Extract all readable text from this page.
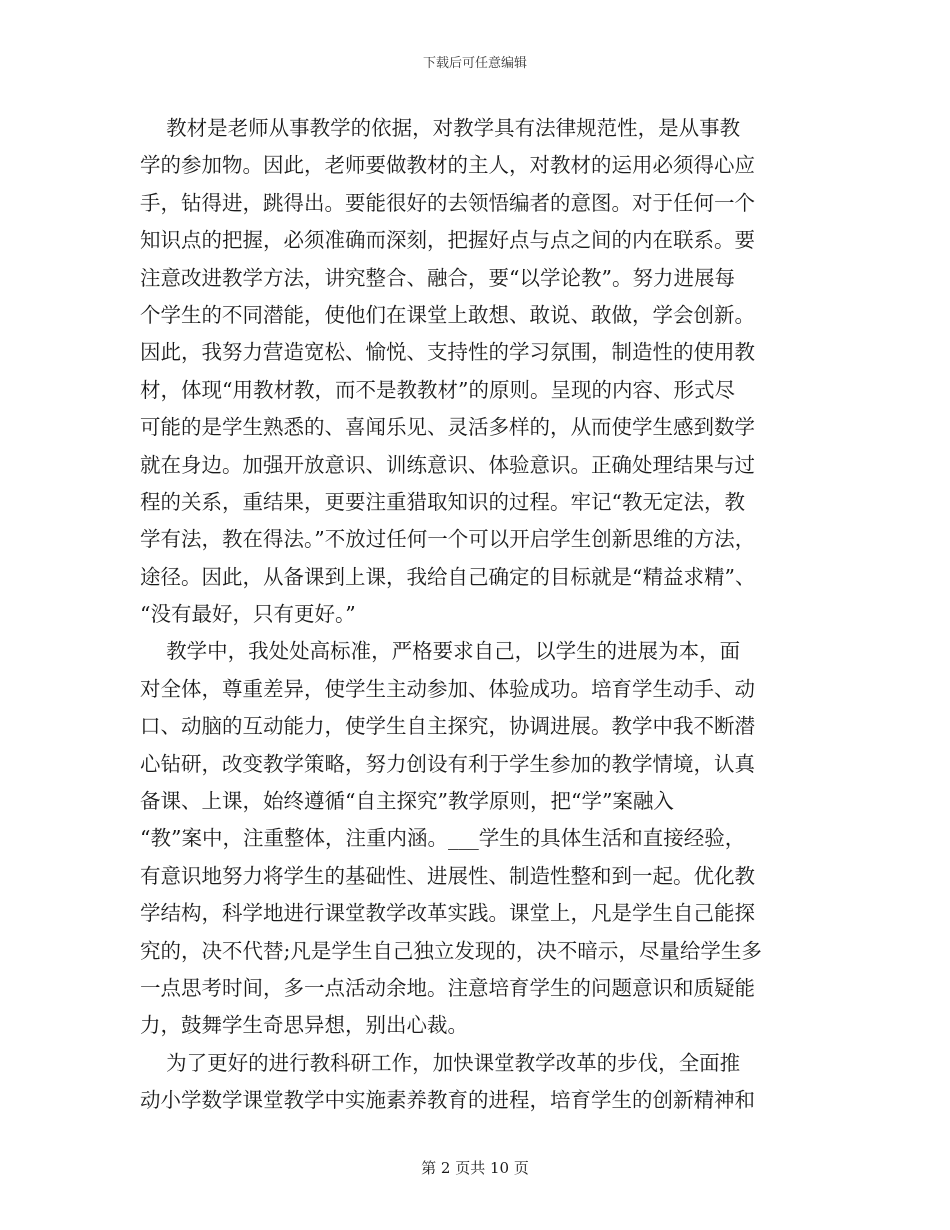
下载后可任意编辑
教材是老师从事教学的依据，对教学具有法律规范性，是从事教
学的参加物。因此，老师要做教材的主人，对教材的运用必须得心应
手，钻得进，跳得出。要能很好的去领悟编者的意图。对于任何一个
知识点的把握，必须准确而深刻，把握好点与点之间的内在联系。要
注意改进教学方法，讲究整合、融合，要“以学论教”。努力进展每
个学生的不同潜能，使他们在课堂上敢想、敢说、敢做，学会创新。
因此，我努力营造宽松、愉悦、支持性的学习氛围，制造性的使用教
材，体现“用教材教，而不是教教材”的原则。呈现的内容、形式尽
可能的是学生熟悉的、喜闻乐见、灵活多样的，从而使学生感到数学
就在身边。加强开放意识、训练意识、体验意识。正确处理结果与过
程的关系，重结果，更要注重猎取知识的过程。牢记“教无定法，教
学有法，教在得法。”不放过任何一个可以开启学生创新思维的方法，
途径。因此，从备课到上课，我给自己确定的目标就是“精益求精”、
“没有最好，只有更好。”
教学中，我处处高标准，严格要求自己，以学生的进展为本，面
对全体，尊重差异，使学生主动参加、体验成功。培育学生动手、动
口、动脑的互动能力，使学生自主探究，协调进展。教学中我不断潜
心钻研，改变教学策略，努力创设有利于学生参加的教学情境，认真
备课、上课，始终遵循“自主探究”教学原则，把“学”案融入
“教”案中，注重整体，注重内涵。___学生的具体生活和直接经验，
有意识地努力将学生的基础性、进展性、制造性整和到一起。优化教
学结构，科学地进行课堂教学改革实践。课堂上，凡是学生自己能探
究的，决不代替;凡是学生自己独立发现的，决不暗示，尽量给学生多
一点思考时间，多一点活动余地。注意培育学生的问题意识和质疑能
力，鼓舞学生奇思异想，别出心裁。
为了更好的进行教科研工作，加快课堂教学改革的步伐，全面推
动小学数学课堂教学中实施素养教育的进程，培育学生的创新精神和
第 2 页共 10 页
